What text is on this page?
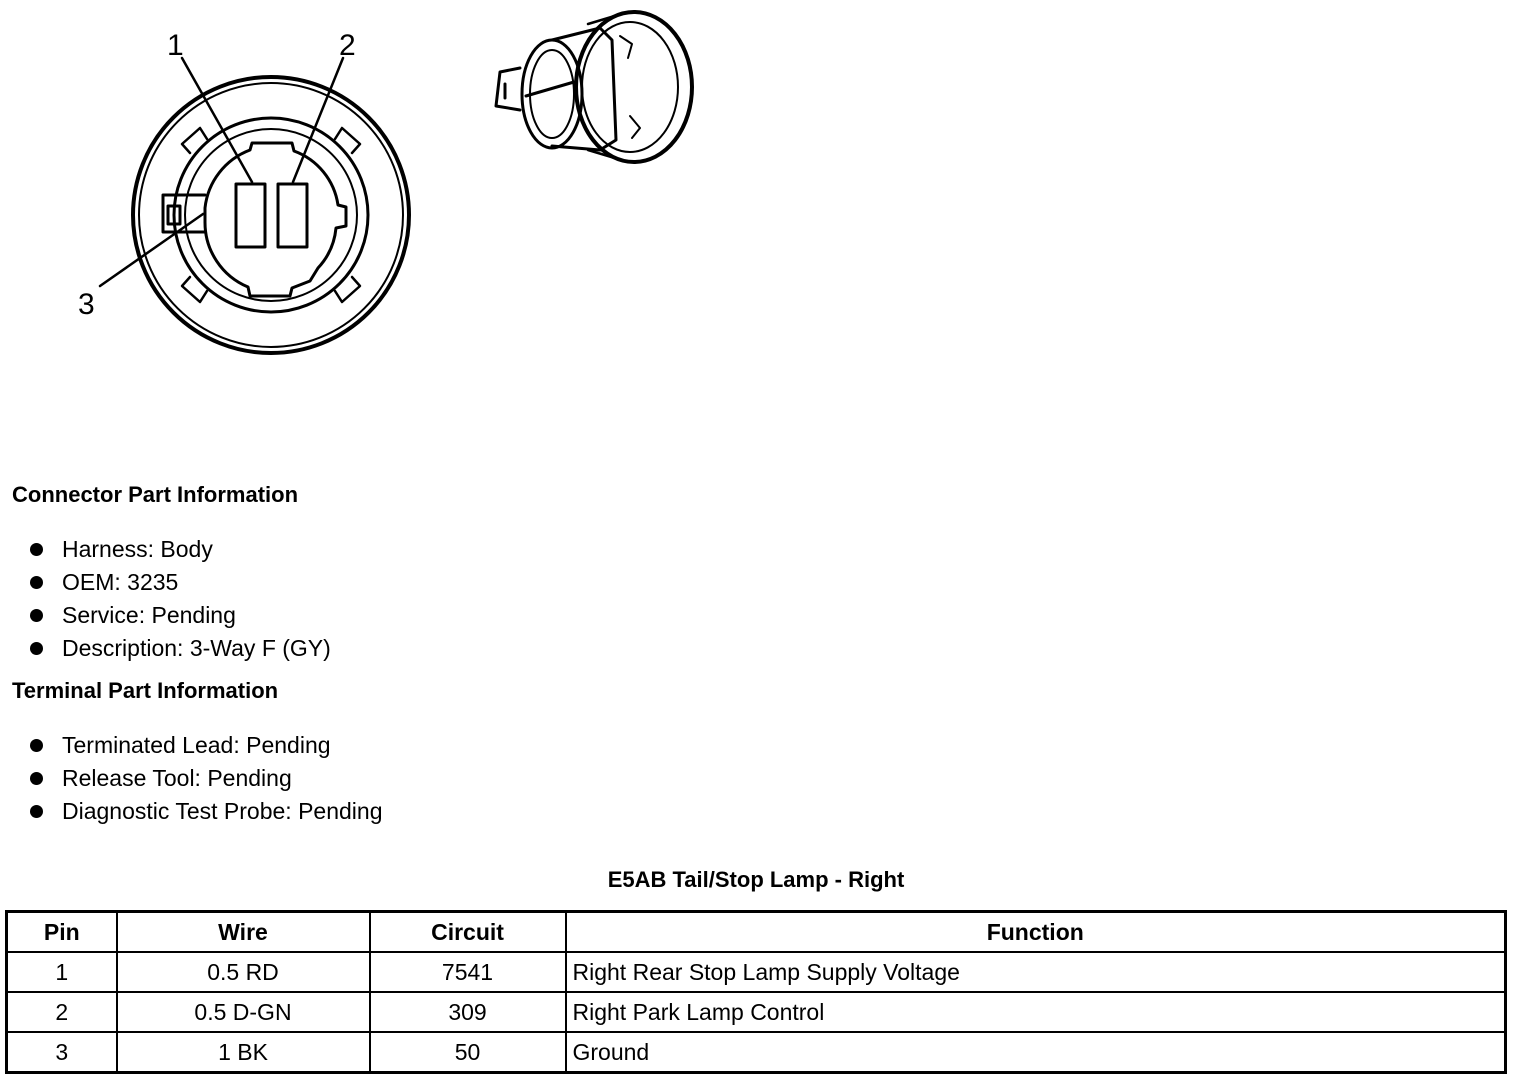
1	2
3
Connector Part Information
Harness: Body
OEM: 3235
Service: Pending
Description: 3-Way F (GY)
Terminal Part Information
Terminated Lead: Pending
Release Tool: Pending
Diagnostic Test Probe: Pending
E5AB Tail/Stop Lamp - Right
Pin	Wire	Circuit	Function
1	0.5 RD	7541	Right Rear Stop Lamp Supply Voltage
2	0.5 D-GN	309	Right Park Lamp Control
3	1 BK	50	Ground
